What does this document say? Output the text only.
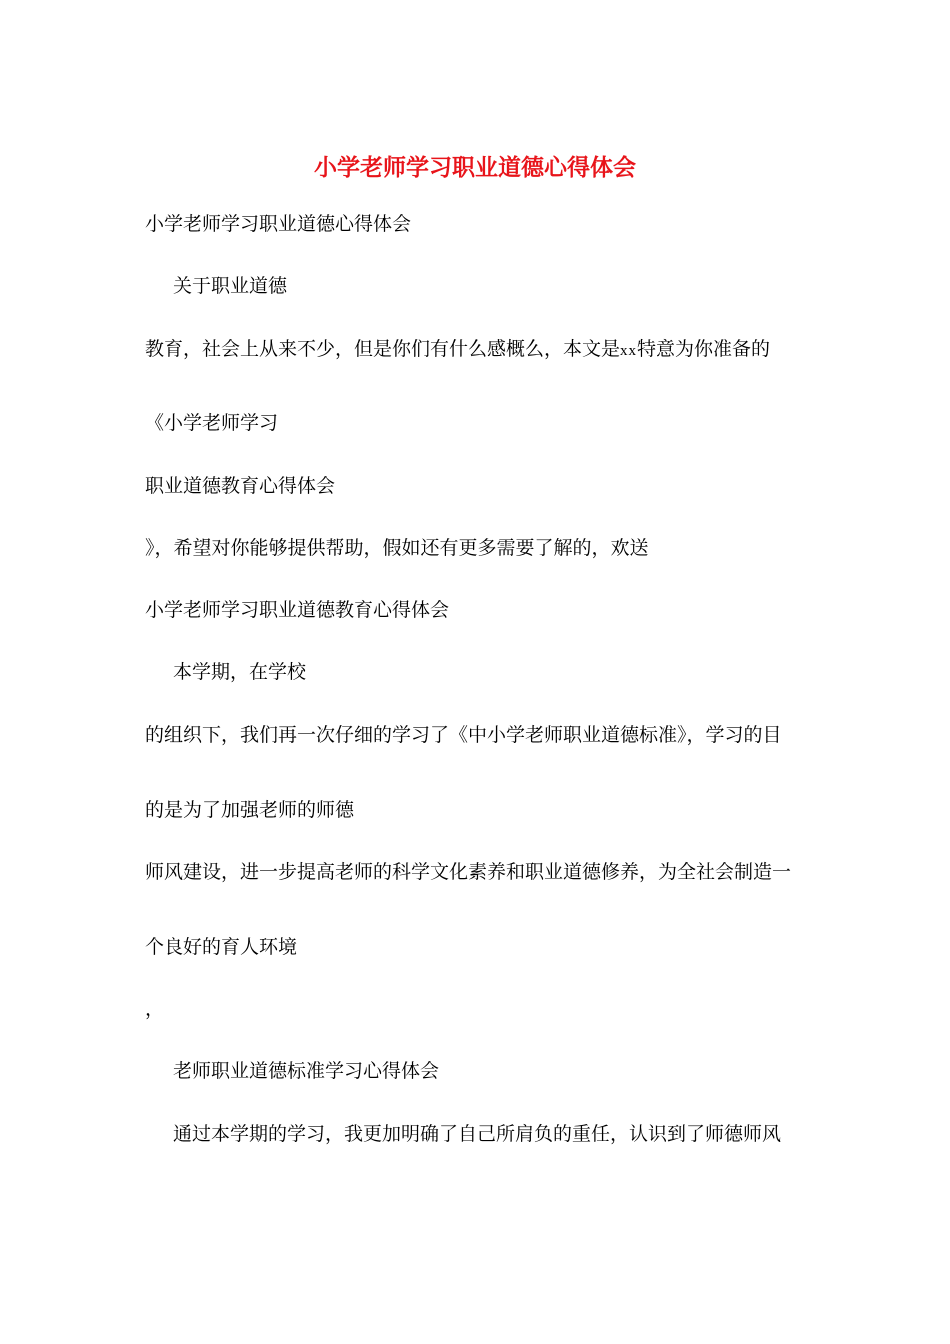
小学老师学习职业道德心得体会
小学老师学习职业道德心得体会
关于职业道德
教育，社会上从来不少，但是你们有什么感概么，本文是xx特意为你准备的
《小学老师学习
职业道德教育心得体会
》，希望对你能够提供帮助，假如还有更多需要了解的，欢送
小学老师学习职业道德教育心得体会
本学期，在学校
的组织下，我们再一次仔细的学习了《中小学老师职业道德标准》，学习的目
的是为了加强老师的师德
师风建设，进一步提高老师的科学文化素养和职业道德修养，为全社会制造一
个良好的育人环境
，
老师职业道德标准学习心得体会
通过本学期的学习，我更加明确了自己所肩负的重任，认识到了师德师风
